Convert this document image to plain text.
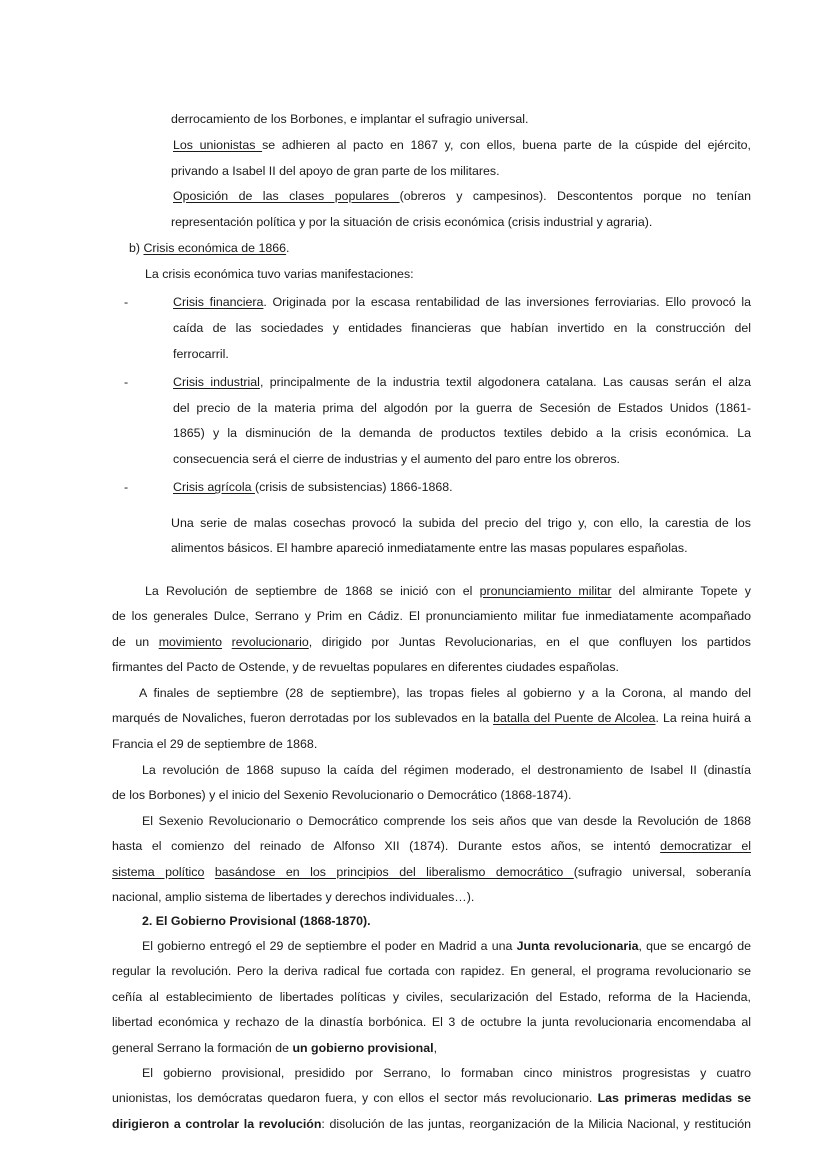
derrocamiento de los Borbones, e implantar el sufragio universal.
Los unionistas se adhieren al pacto en 1867 y, con ellos, buena parte de la cúspide del ejército,
privando a Isabel II del apoyo de gran parte de los militares.
Oposición de las clases populares (obreros y campesinos). Descontentos porque no tenían
representación política y por la situación de crisis económica (crisis industrial y agraria).
b) Crisis económica de 1866.
La crisis económica tuvo varias manifestaciones:
-	Crisis financiera. Originada por la escasa rentabilidad de las inversiones ferroviarias. Ello provocó la
caída de las sociedades y entidades financieras que habían invertido en la construcción del
ferrocarril.
-	Crisis industrial, principalmente de la industria textil algodonera catalana. Las causas serán el alza
del precio de la materia prima del algodón por la guerra de Secesión de Estados Unidos (1861-
1865) y la disminución de la demanda de productos textiles debido a la crisis económica. La
consecuencia será el cierre de industrias y el aumento del paro entre los obreros.
-	Crisis agrícola (crisis de subsistencias) 1866-1868.
Una serie de malas cosechas provocó la subida del precio del trigo y, con ello, la carestia de los
alimentos básicos. El hambre apareció inmediatamente entre las masas populares españolas.
La Revolución de septiembre de 1868 se inició con el pronunciamiento militar del almirante Topete y
de los generales Dulce, Serrano y Prim en Cádiz. El pronunciamiento militar fue inmediatamente acompañado
de un movimiento revolucionario, dirigido por Juntas Revolucionarias, en el que confluyen los partidos
firmantes del Pacto de Ostende, y de revueltas populares en diferentes ciudades españolas.
A finales de septiembre (28 de septiembre), las tropas fieles al gobierno y a la Corona, al mando del
marqués de Novaliches, fueron derrotadas por los sublevados en la batalla del Puente de Alcolea. La reina huirá a
Francia el 29 de septiembre de 1868.
La revolución de 1868 supuso la caída del régimen moderado, el destronamiento de Isabel II (dinastía
de los Borbones) y el inicio del Sexenio Revolucionario o Democrático (1868-1874).
El Sexenio Revolucionario o Democrático comprende los seis años que van desde la Revolución de 1868
hasta el comienzo del reinado de Alfonso XII (1874). Durante estos años, se intentó democratizar el
sistema político basándose en los principios del liberalismo democrático (sufragio universal, soberanía
nacional, amplio sistema de libertades y derechos individuales…).
2. El Gobierno Provisional (1868-1870).
El gobierno entregó el 29 de septiembre el poder en Madrid a una Junta revolucionaria, que se encargó de
regular la revolución. Pero la deriva radical fue cortada con rapidez. En general, el programa revolucionario se
ceñía al establecimiento de libertades políticas y civiles, secularización del Estado, reforma de la Hacienda,
libertad económica y rechazo de la dinastía borbónica. El 3 de octubre la junta revolucionaria encomendaba al
general Serrano la formación de un gobierno provisional,
El gobierno provisional, presidido por Serrano, lo formaban cinco ministros progresistas y cuatro
unionistas, los demócratas quedaron fuera, y con ellos el sector más revolucionario. Las primeras medidas se
dirigieron a controlar la revolución: disolución de las juntas, reorganización de la Milicia Nacional, y restitución
